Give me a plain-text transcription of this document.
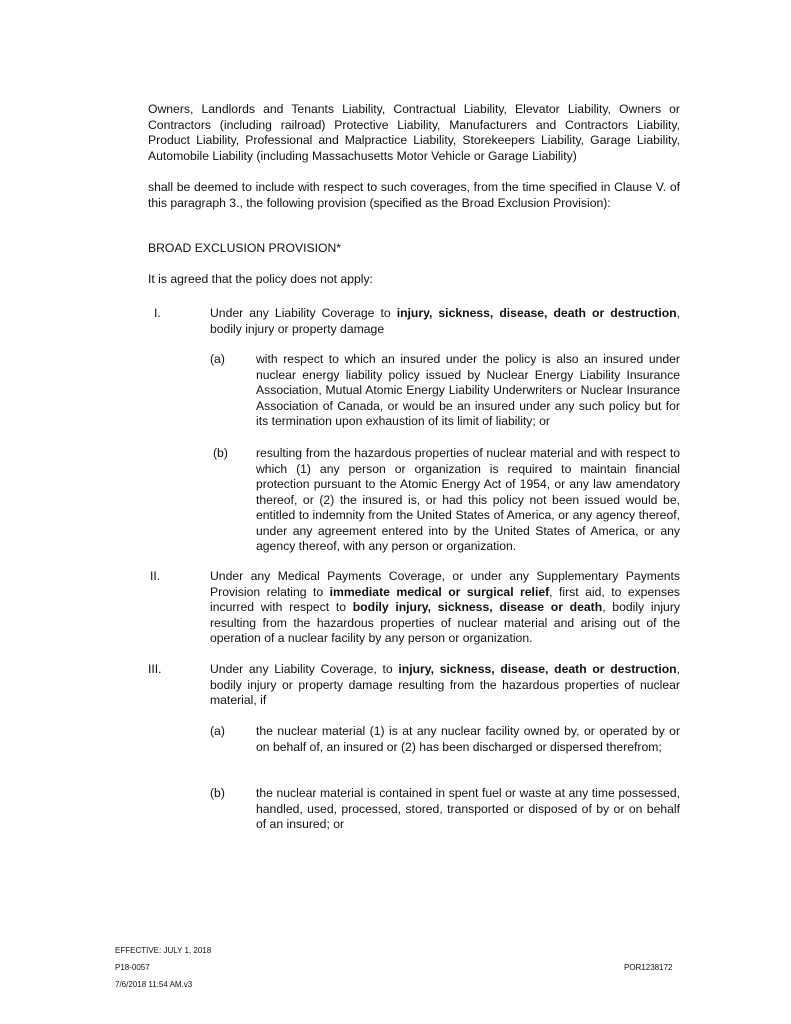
Owners, Landlords and Tenants Liability, Contractual Liability, Elevator Liability, Owners or Contractors (including railroad) Protective Liability, Manufacturers and Contractors Liability, Product Liability, Professional and Malpractice Liability, Storekeepers Liability, Garage Liability, Automobile Liability (including Massachusetts Motor Vehicle or Garage Liability)
shall be deemed to include with respect to such coverages, from the time specified in Clause V. of this paragraph 3., the following provision (specified as the Broad Exclusion Provision):
BROAD EXCLUSION PROVISION*
It is agreed that the policy does not apply:
I.	Under any Liability Coverage to injury, sickness, disease, death or destruction, bodily injury or property damage
(a)	with respect to which an insured under the policy is also an insured under nuclear energy liability policy issued by Nuclear Energy Liability Insurance Association, Mutual Atomic Energy Liability Underwriters or Nuclear Insurance Association of Canada, or would be an insured under any such policy but for its termination upon exhaustion of its limit of liability; or
(b) resulting from the hazardous properties of nuclear material and with respect to which (1) any person or organization is required to maintain financial protection pursuant to the Atomic Energy Act of 1954, or any law amendatory thereof, or (2) the insured is, or had this policy not been issued would be, entitled to indemnity from the United States of America, or any agency thereof, under any agreement entered into by the United States of America, or any agency thereof, with any person or organization.
II.	Under any Medical Payments Coverage, or under any Supplementary Payments Provision relating to immediate medical or surgical relief, first aid, to expenses incurred with respect to bodily injury, sickness, disease or death, bodily injury resulting from the hazardous properties of nuclear material and arising out of the operation of a nuclear facility by any person or organization.
III.	Under any Liability Coverage, to injury, sickness, disease, death or destruction, bodily injury or property damage resulting from the hazardous properties of nuclear material, if
(a)	the nuclear material (1) is at any nuclear facility owned by, or operated by or on behalf of, an insured or (2) has been discharged or dispersed therefrom;
(b)	the nuclear material is contained in spent fuel or waste at any time possessed, handled, used, processed, stored, transported or disposed of by or on behalf of an insured; or
EFFECTIVE: JULY 1, 2018
P18-0057
7/6/2018 11:54 AM.v3
POR1238172
